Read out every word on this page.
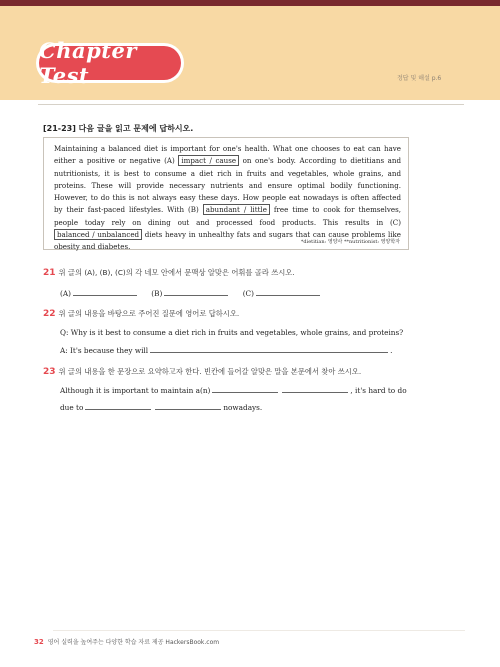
Chapter Test	정답 및 해설 p.6
[21-23] 다음 글을 읽고 문제에 답하시오.

Maintaining a balanced diet is important for one's health. What one chooses to eat can have either a positive or negative (A) impact / cause on one's body. According to dietitians and nutritionists, it is best to consume a diet rich in fruits and vegetables, whole grains, and proteins. These will provide necessary nutrients and ensure optimal bodily functioning. However, to do this is not always easy these days. How people eat nowadays is often affected by their fast-paced lifestyles. With (B) abundant / little free time to cook for themselves, people today rely on dining out and processed food products. This results in (C) balanced / unbalanced diets heavy in unhealthy fats and sugars that can cause problems like obesity and diabetes.

*dietitian: 영양사 **nutritionist: 영양학자
21 위 글의 (A), (B), (C)의 각 네모 안에서 문맥상 알맞은 어휘를 골라 쓰시오.
(A)	(B)	(C)
22 위 글의 내용을 바탕으로 주어진 질문에 영어로 답하시오.
Q: Why is it best to consume a diet rich in fruits and vegetables, whole grains, and proteins?
A: It's because they will	.
23 위 글의 내용을 한 문장으로 요약하고자 한다. 빈칸에 들어갈 알맞은 말을 본문에서 찾아 쓰시오.
Although it is important to maintain a(n)	, it's hard to do
due to	nowadays.
32 영어 실력을 높여주는 다양한 학습 자료 제공 HackersBook.com
